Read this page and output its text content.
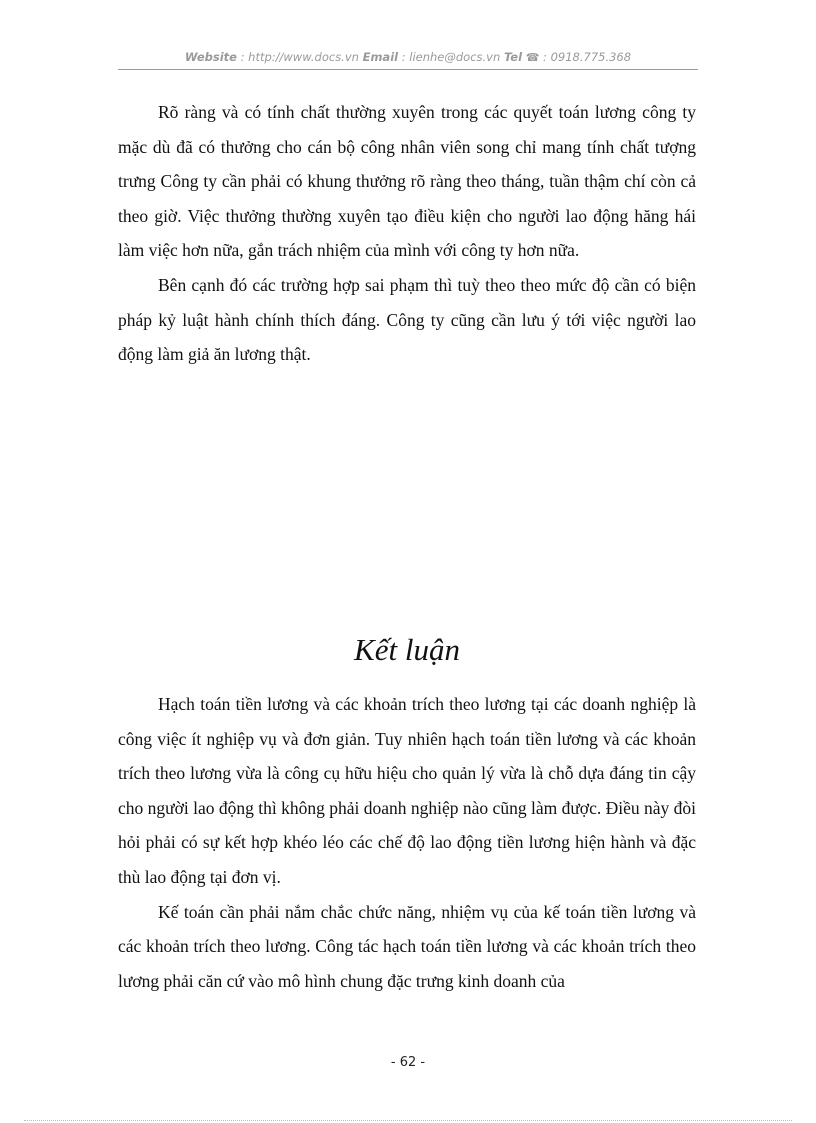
Website : http://www.docs.vn Email : lienhe@docs.vn Tel ☎ : 0918.775.368

Rõ ràng và có tính chất thường xuyên trong các quyết toán lương công ty mặc dù đã có thưởng cho cán bộ công nhân viên song chỉ mang tính chất tượng trưng Công ty cần phải có khung thưởng rõ ràng theo tháng, tuần thậm chí còn cả theo giờ. Việc thưởng thường xuyên tạo điều kiện cho người lao động hăng hái làm việc hơn nữa, gắn trách nhiệm của mình với công ty hơn nữa.

Bên cạnh đó các trường hợp sai phạm thì tuỳ theo theo mức độ cần có biện pháp kỷ luật hành chính thích đáng. Công ty cũng cần lưu ý tới việc người lao động làm giả ăn lương thật.

Kết luận

Hạch toán tiền lương và các khoản trích theo lương tại các doanh nghiệp là công việc ít nghiệp vụ và đơn giản. Tuy nhiên hạch toán tiền lương và các khoản trích theo lương vừa là công cụ hữu hiệu cho quản lý vừa là chỗ dựa đáng tin cậy cho người lao động thì không phải doanh nghiệp nào cũng làm được. Điều này đòi hỏi phải có sự kết hợp khéo léo các chế độ lao động tiền lương hiện hành và đặc thù lao động tại đơn vị.

Kế toán cần phải nắm chắc chức năng, nhiệm vụ của kế toán tiền lương và các khoản trích theo lương. Công tác hạch toán tiền lương và các khoản trích theo lương phải căn cứ vào mô hình chung đặc trưng kinh doanh của

- 62 -
